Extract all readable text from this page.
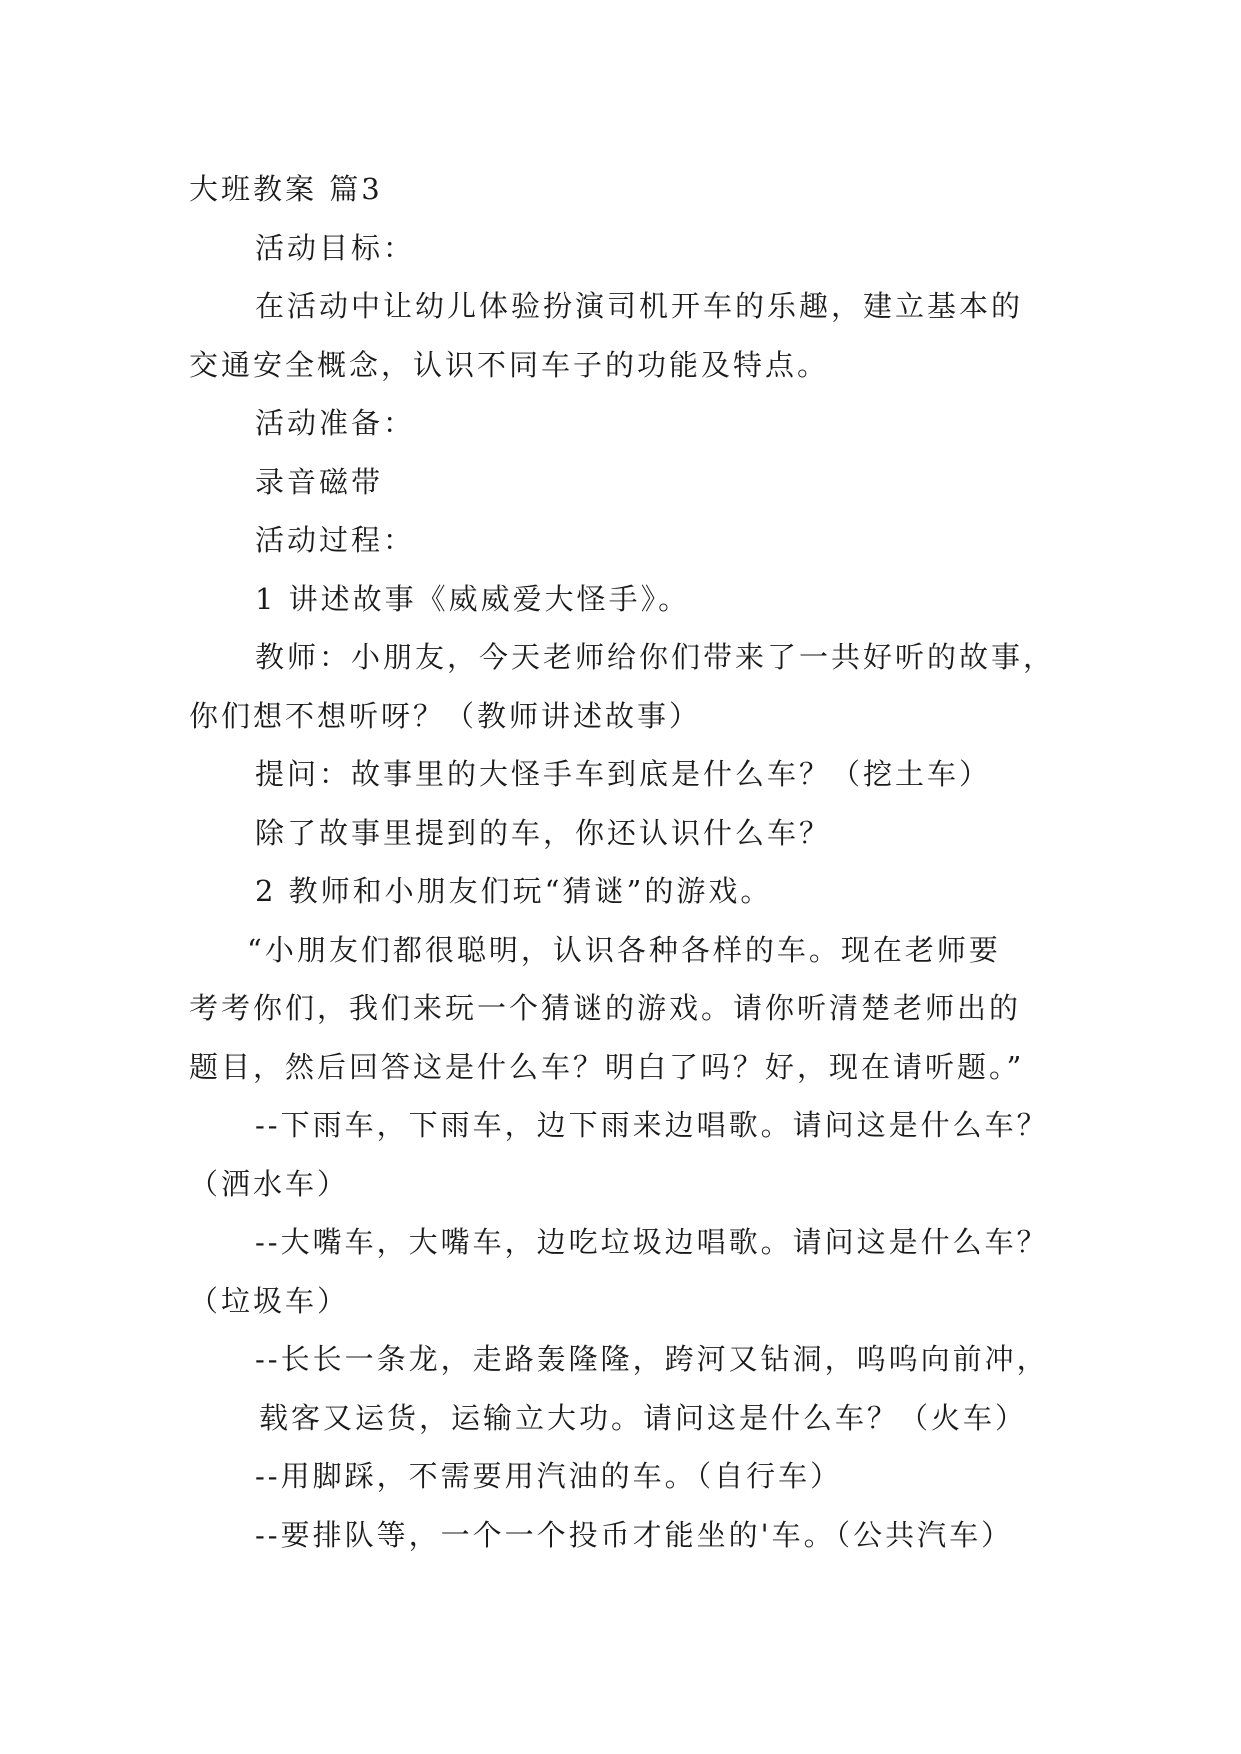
大班教案 篇3
活动目标：
在活动中让幼儿体验扮演司机开车的乐趣，建立基本的
交通安全概念，认识不同车子的功能及特点。
活动准备：
录音磁带
活动过程：
1 讲述故事《威威爱大怪手》。
教师：小朋友，今天老师给你们带来了一共好听的故事，
你们想不想听呀？（教师讲述故事）
提问：故事里的大怪手车到底是什么车？（挖土车）
除了故事里提到的车，你还认识什么车？
2 教师和小朋友们玩“猜谜”的游戏。
“小朋友们都很聪明，认识各种各样的车。现在老师要
考考你们，我们来玩一个猜谜的游戏。请你听清楚老师出的
题目，然后回答这是什么车？明白了吗？好，现在请听题。”
--下雨车，下雨车，边下雨来边唱歌。请问这是什么车？
（洒水车）
--大嘴车，大嘴车，边吃垃圾边唱歌。请问这是什么车？
（垃圾车）
--长长一条龙，走路轰隆隆，跨河又钻洞，呜呜向前冲，
载客又运货，运输立大功。请问这是什么车？（火车）
--用脚踩，不需要用汽油的车。（自行车）
--要排队等，一个一个投币才能坐的'车。（公共汽车）
